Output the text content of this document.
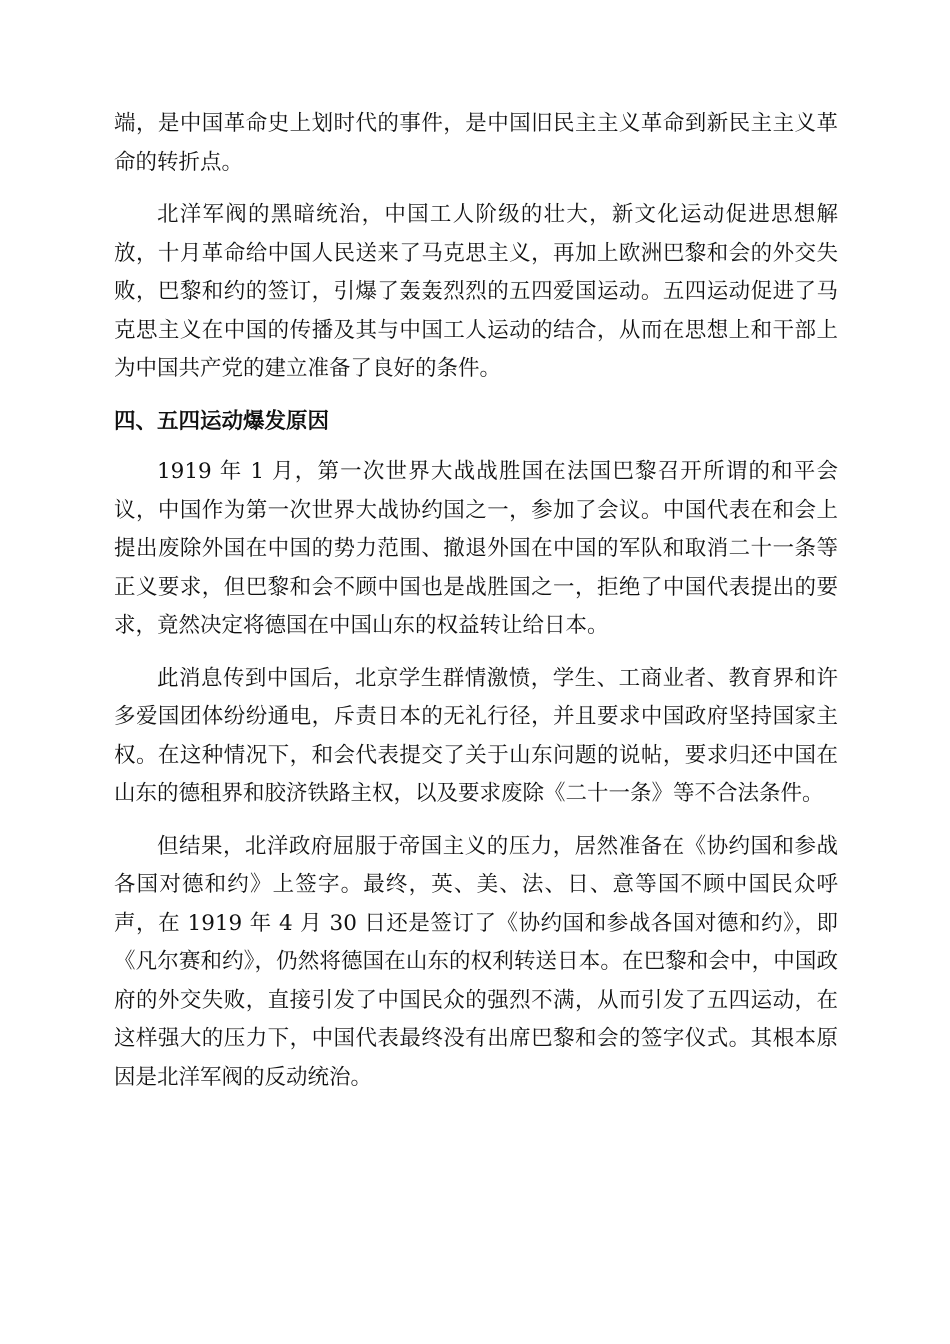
端，是中国革命史上划时代的事件，是中国旧民主主义革命到新民主主义革命的转折点。

北洋军阀的黑暗统治，中国工人阶级的壮大，新文化运动促进思想解放，十月革命给中国人民送来了马克思主义，再加上欧洲巴黎和会的外交失败，巴黎和约的签订，引爆了轰轰烈烈的五四爱国运动。五四运动促进了马克思主义在中国的传播及其与中国工人运动的结合，从而在思想上和干部上为中国共产党的建立准备了良好的条件。

四、五四运动爆发原因

1919 年 1 月，第一次世界大战战胜国在法国巴黎召开所谓的和平会议，中国作为第一次世界大战协约国之一，参加了会议。中国代表在和会上提出废除外国在中国的势力范围、撤退外国在中国的军队和取消二十一条等正义要求，但巴黎和会不顾中国也是战胜国之一，拒绝了中国代表提出的要求，竟然决定将德国在中国山东的权益转让给日本。

此消息传到中国后，北京学生群情激愤，学生、工商业者、教育界和许多爱国团体纷纷通电，斥责日本的无礼行径，并且要求中国政府坚持国家主权。在这种情况下，和会代表提交了关于山东问题的说帖，要求归还中国在山东的德租界和胶济铁路主权，以及要求废除《二十一条》等不合法条件。

但结果，北洋政府屈服于帝国主义的压力，居然准备在《协约国和参战各国对德和约》上签字。最终，英、美、法、日、意等国不顾中国民众呼声，在 1919 年 4 月 30 日还是签订了《协约国和参战各国对德和约》，即《凡尔赛和约》，仍然将德国在山东的权利转送日本。在巴黎和会中，中国政府的外交失败，直接引发了中国民众的强烈不满，从而引发了五四运动，在这样强大的压力下，中国代表最终没有出席巴黎和会的签字仪式。其根本原因是北洋军阀的反动统治。
